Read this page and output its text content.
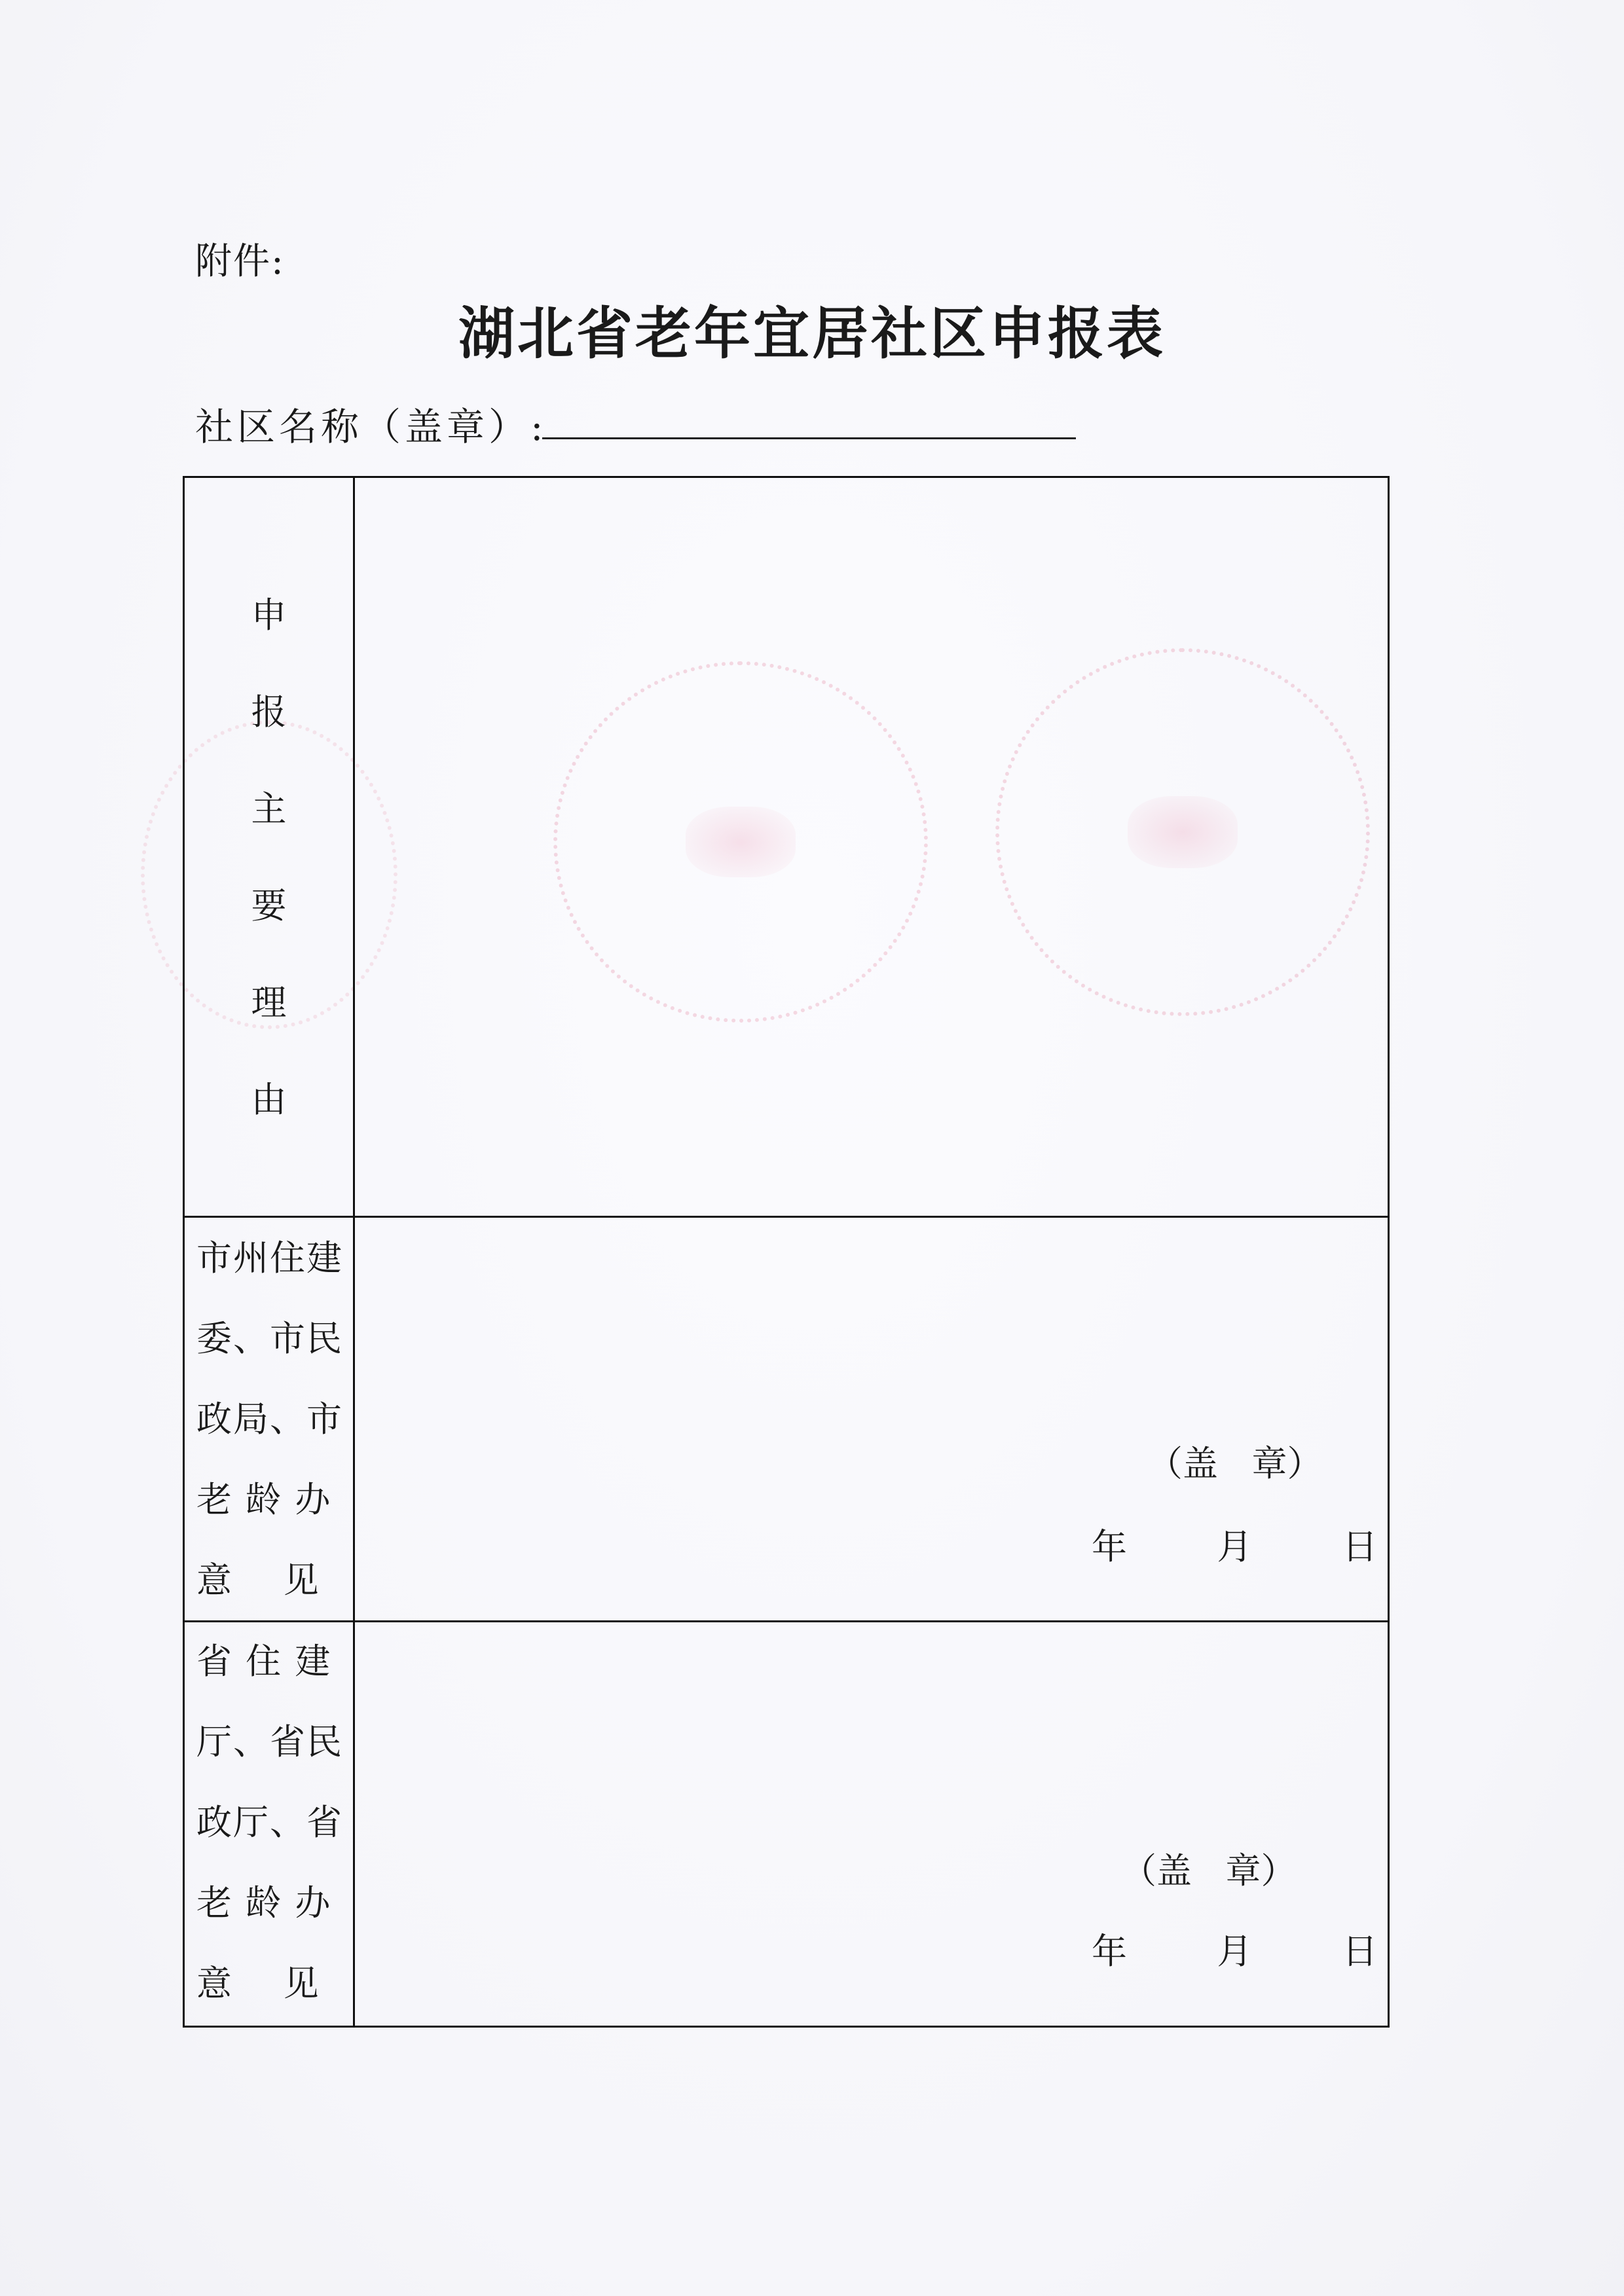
附件:
湖北省老年宜居社区申报表
社区名称（盖章）:
申
报
主
要
理
由
市州住建
委、市民
政局、市
老 龄 办
意    见
（盖   章）
年        月        日
省 住 建
厅、省民
政厅、省
老 龄 办
意    见
（盖   章）
年        月        日
